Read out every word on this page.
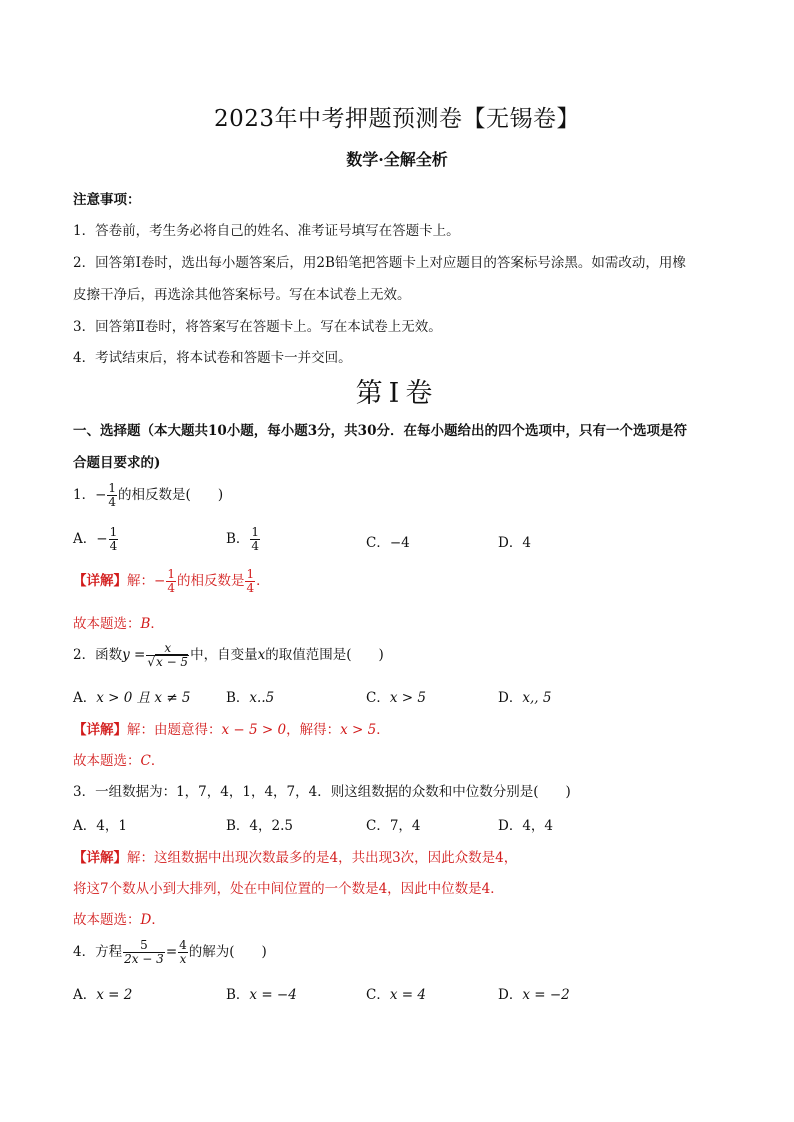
2023年中考押题预测卷【无锡卷】
数学·全解全析
注意事项：
1．答卷前，考生务必将自己的姓名、准考证号填写在答题卡上。
2．回答第Ⅰ卷时，选出每小题答案后，用2B铅笔把答题卡上对应题目的答案标号涂黑。如需改动，用橡
皮擦干净后，再选涂其他答案标号。写在本试卷上无效。
3．回答第Ⅱ卷时，将答案写在答题卡上。写在本试卷上无效。
4．考试结束后，将本试卷和答题卡一并交回。
第Ⅰ卷
一、选择题（本大题共10小题，每小题3分，共30分．在每小题给出的四个选项中，只有一个选项是符
合题目要求的)
1．− $\frac{1}{4}$ 的相反数是(　　)
A．− $\frac{1}{4}$	B． $\frac{1}{4}$	C．−4	D．4
【详解】解：− $\frac{1}{4}$ 的相反数是 $\frac{1}{4}$ ．
故本题选：B．
2．函数$y = \frac{x}{√x - 5}$ 中，自变量x的取值范围是(　　)
A．x > 0 且 x ≠ 5	B．x..5	C．x > 5	D．x,, 5
【详解】解：由题意得：x − 5 > 0，解得：x > 5．
故本题选：C．
3．一组数据为：1，7，4，1，4，7，4．则这组数据的众数和中位数分别是(　　)
A．4，1	B．4，2.5	C．7，4	D．4，4
【详解】解：这组数据中出现次数最多的是4，共出现3次，因此众数是4，
将这7个数从小到大排列，处在中间位置的一个数是4，因此中位数是4．
故本题选：D．
4．方程 $\frac{5}{2x - 3} = \frac{4}{x}$ 的解为(　　)
A．x = 2	B．x = −4	C．x = 4	D．x = −2
